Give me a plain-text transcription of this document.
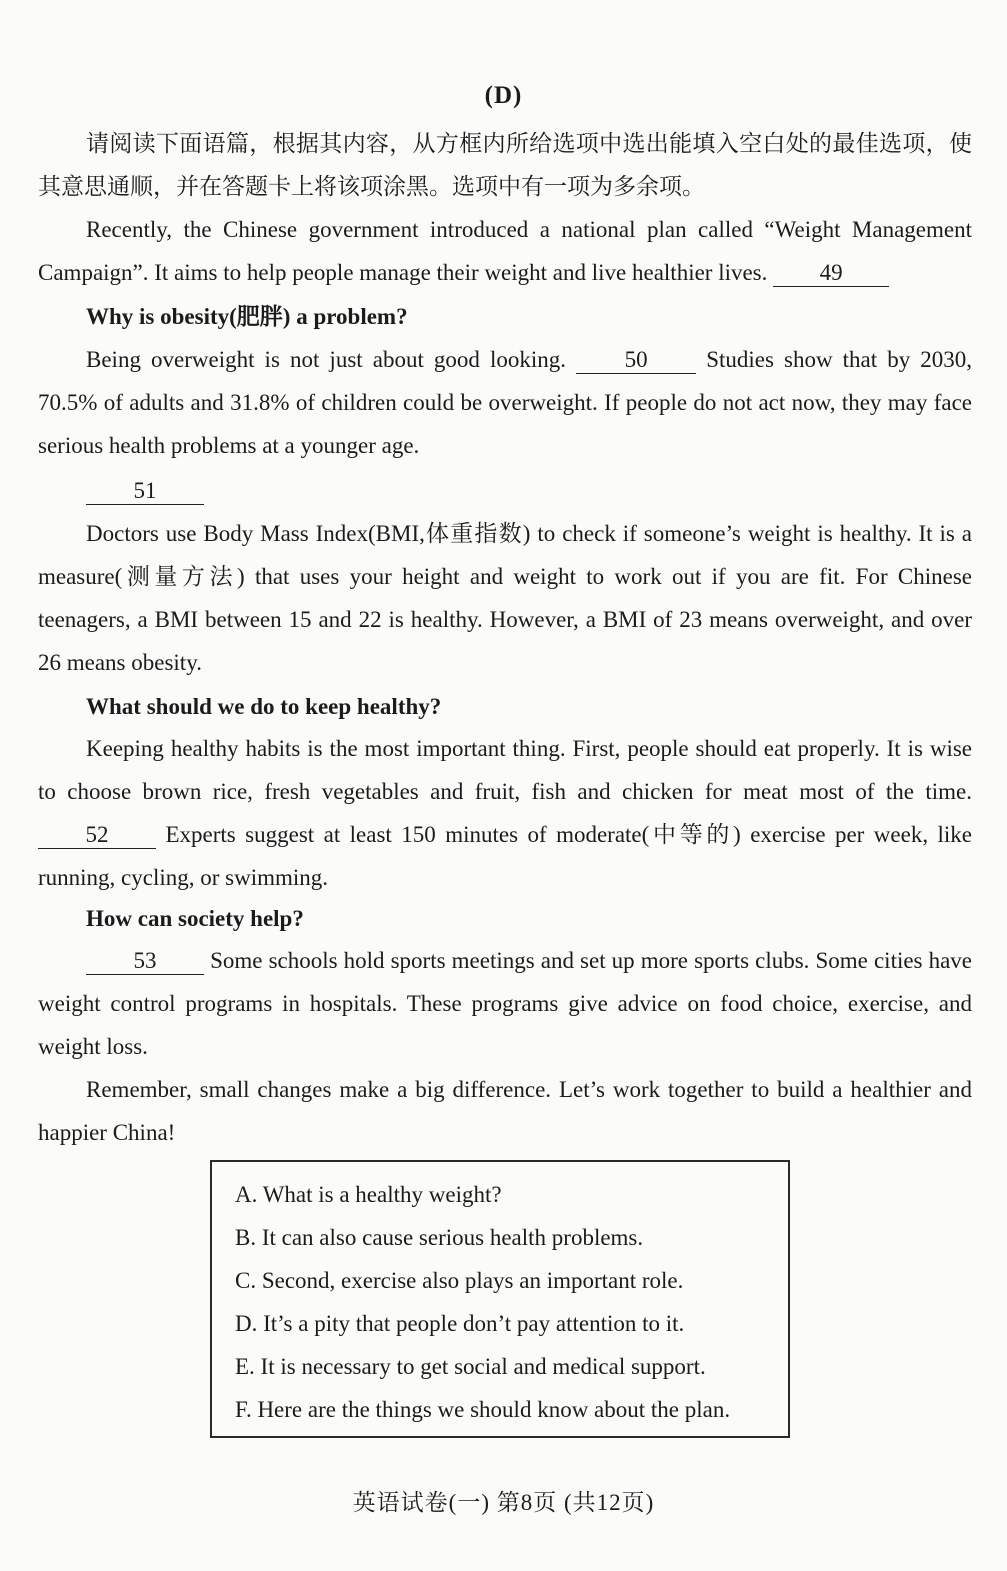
(D)
请阅读下面语篇，根据其内容，从方框内所给选项中选出能填入空白处的最佳选项，使其意思通顺，并在答题卡上将该项涂黑。选项中有一项为多余项。
Recently, the Chinese government introduced a national plan called “Weight Management Campaign”. It aims to help people manage their weight and live healthier lives. 49
Why is obesity(肥胖) a problem?
Being overweight is not just about good looking.	50	Studies show that by 2030, 70.5% of adults and 31.8% of children could be overweight. If people do not act now, they may face serious health problems at a younger age.
51
Doctors use Body Mass Index(BMI,体重指数) to check if someone’s weight is healthy. It is a measure(测量方法) that uses your height and weight to work out if you are fit. For Chinese teenagers, a BMI between 15 and 22 is healthy. However, a BMI of 23 means overweight, and over 26 means obesity.
What should we do to keep healthy?
Keeping healthy habits is the most important thing. First, people should eat properly. It is wise to choose brown rice, fresh vegetables and fruit, fish and chicken for meat most of the time. 52 Experts suggest at least 150 minutes of moderate(中等的) exercise per week, like running, cycling, or swimming.
How can society help?
53 Some schools hold sports meetings and set up more sports clubs. Some cities have weight control programs in hospitals. These programs give advice on food choice, exercise, and weight loss.
Remember, small changes make a big difference. Let’s work together to build a healthier and happier China!
A. What is a healthy weight?
B. It can also cause serious health problems.
C. Second, exercise also plays an important role.
D. It’s a pity that people don’t pay attention to it.
E. It is necessary to get social and medical support.
F. Here are the things we should know about the plan.
英语试卷(一) 第8页 (共12页)
